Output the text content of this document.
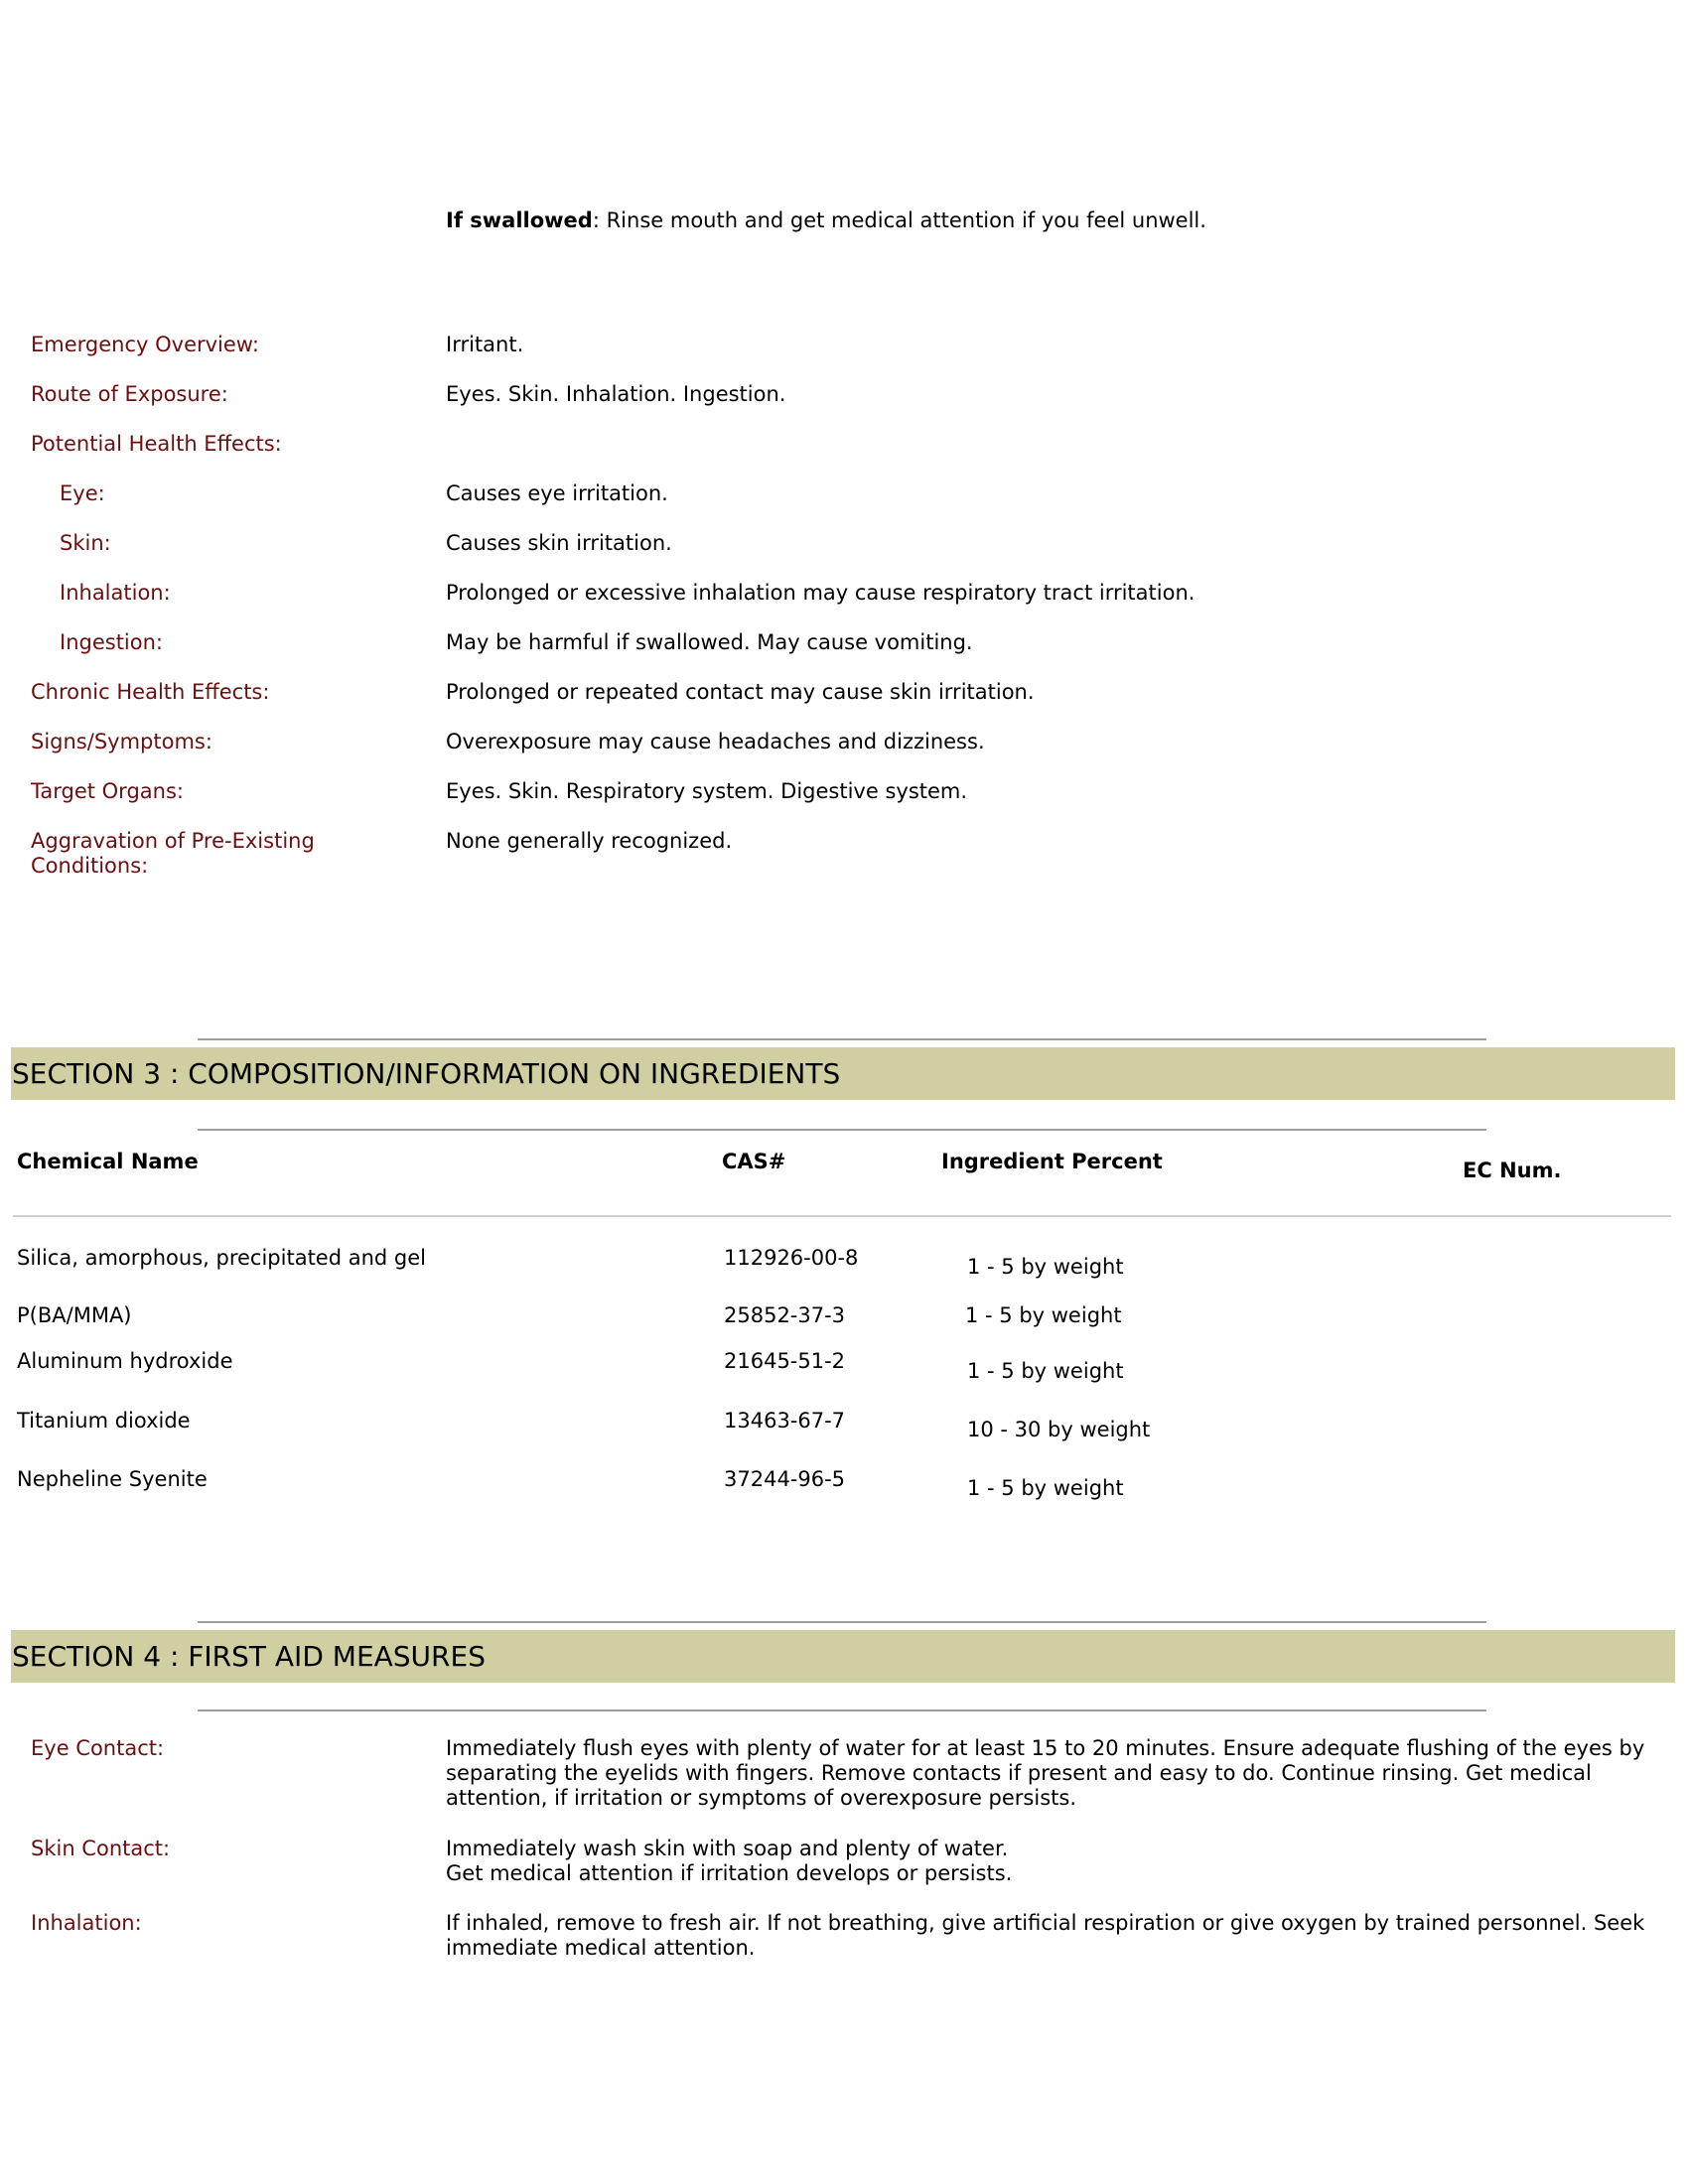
If swallowed: Rinse mouth and get medical attention if you feel unwell.
Emergency Overview:	Irritant.
Route of Exposure:	Eyes. Skin. Inhalation. Ingestion.
Potential Health Effects:
Eye:	Causes eye irritation.
Skin:	Causes skin irritation.
Inhalation:	Prolonged or excessive inhalation may cause respiratory tract irritation.
Ingestion:	May be harmful if swallowed. May cause vomiting.
Chronic Health Effects:	Prolonged or repeated contact may cause skin irritation.
Signs/Symptoms:	Overexposure may cause headaches and dizziness.
Target Organs:	Eyes. Skin. Respiratory system. Digestive system.
Aggravation of Pre-Existing
Conditions:
None generally recognized.
SECTION 3 : COMPOSITION/INFORMATION ON INGREDIENTS
Chemical Name	CAS#	Ingredient Percent	EC Num.
Silica, amorphous, precipitated and gel	112926-00-8	1 - 5 by weight
P(BA/MMA)	25852-37-3	1 - 5 by weight
Aluminum hydroxide	21645-51-2	1 - 5 by weight
Titanium dioxide	13463-67-7	10 - 30 by weight
Nepheline Syenite	37244-96-5	1 - 5 by weight
SECTION 4 : FIRST AID MEASURES
Eye Contact:	Immediately flush eyes with plenty of water for at least 15 to 20 minutes. Ensure adequate flushing of the eyes by
separating the eyelids with fingers. Remove contacts if present and easy to do. Continue rinsing. Get medical
attention, if irritation or symptoms of overexposure persists.
Skin Contact:	Immediately wash skin with soap and plenty of water.
Get medical attention if irritation develops or persists.
Inhalation:	If inhaled, remove to fresh air. If not breathing, give artificial respiration or give oxygen by trained personnel. Seek
immediate medical attention.
